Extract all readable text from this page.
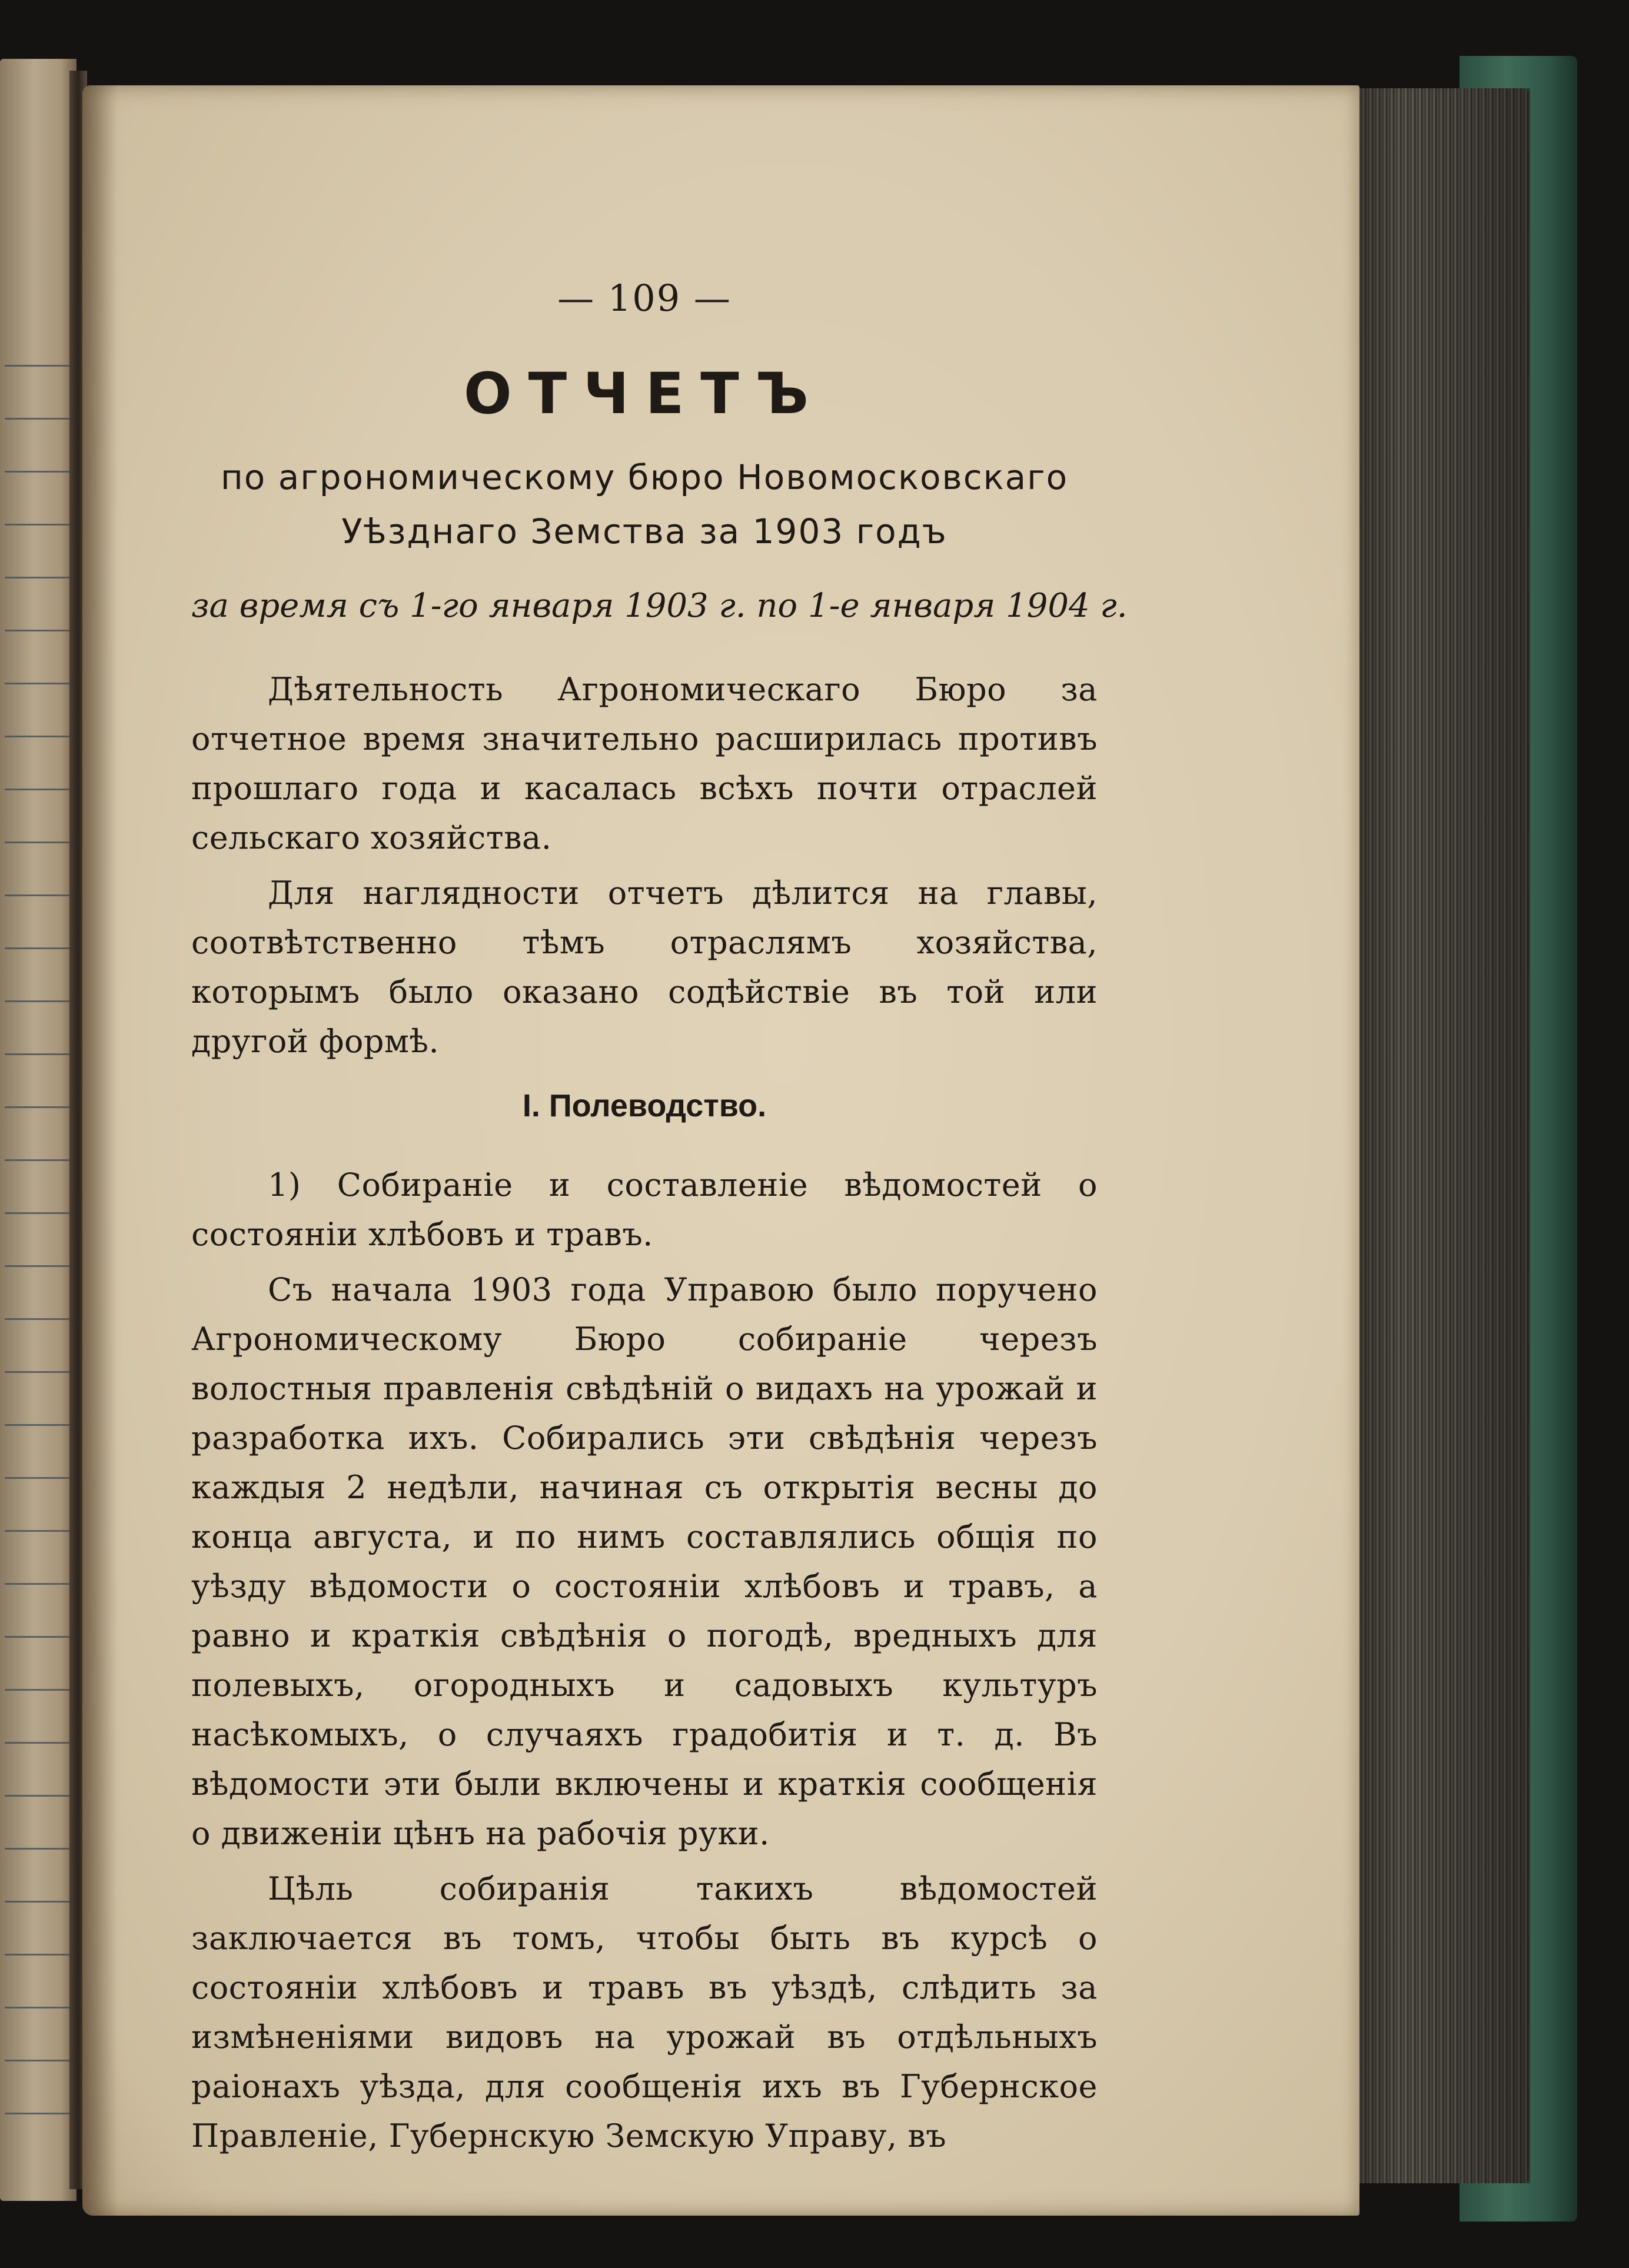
— 109 —
ОТЧЕТЪ
по агрономическому бюро Новомосковскаго
Уѣзднаго Земства за 1903 годъ
за время съ 1-го января 1903 г. по 1-е января 1904 г.

Дѣятельность Агрономическаго Бюро за отчетное время значительно расширилась противъ прошлаго года и касалась всѣхъ почти отраслей сельскаго хозяйства.

Для наглядности отчетъ дѣлится на главы, соотвѣтственно тѣмъ отраслямъ хозяйства, которымъ было оказано содѣйствіе въ той или другой формѣ.

I. Полеводство.

1) Собираніе и составленіе вѣдомостей о состояніи хлѣбовъ и травъ.

Съ начала 1903 года Управою было поручено Агрономическому Бюро собираніе черезъ волостныя правленія свѣдѣній о видахъ на урожай и разработка ихъ. Собирались эти свѣдѣнія черезъ каждыя 2 недѣли, начиная съ открытія весны до конца августа, и по нимъ составлялись общія по уѣзду вѣдомости о состояніи хлѣбовъ и травъ, а равно и краткія свѣдѣнія о погодѣ, вредныхъ для полевыхъ, огородныхъ и садовыхъ культуръ насѣкомыхъ, о случаяхъ градобитія и т. д. Въ вѣдомости эти были включены и краткія сообщенія о движеніи цѣнъ на рабочія руки.

Цѣль собиранія такихъ вѣдомостей заключается въ томъ, чтобы быть въ курсѣ о состояніи хлѣбовъ и травъ въ уѣздѣ, слѣдить за измѣненіями видовъ на урожай въ отдѣльныхъ раіонахъ уѣзда, для сообщенія ихъ въ Губернское Правленіе, Губернскую Земскую Управу, въ
